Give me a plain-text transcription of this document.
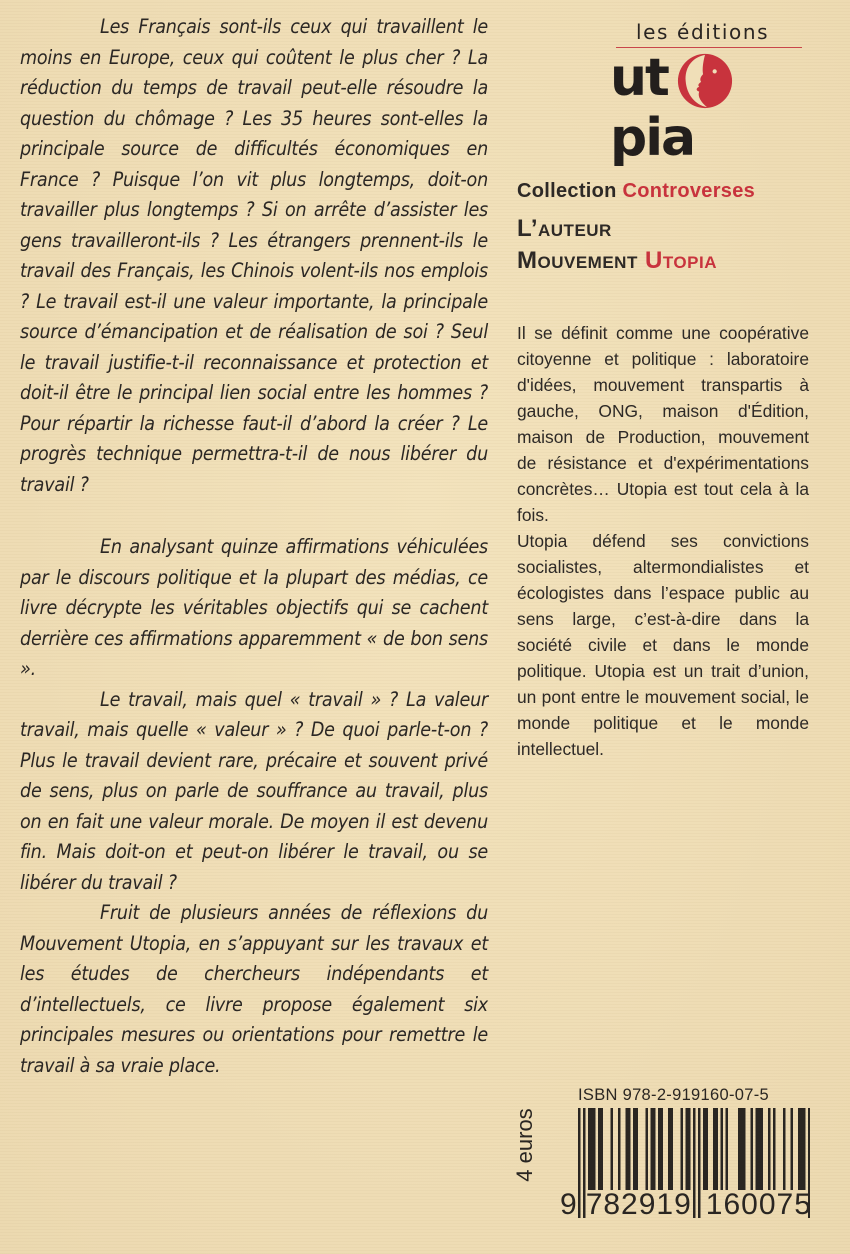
Les Français sont-ils ceux qui travaillent le moins en Europe, ceux qui coûtent le plus cher ? La réduction du temps de travail peut-elle résoudre la question du chômage ? Les 35 heures sont-elles la principale source de difficultés économiques en France ? Puisque l’on vit plus longtemps, doit-on travailler plus longtemps ? Si on arrête d’assister les gens travailleront-ils ? Les étrangers prennent-ils le travail des Français, les Chinois volent-ils nos emplois ? Le travail est-il une valeur importante, la principale source d’émancipation et de réalisation de soi ? Seul le travail justifie-t-il reconnaissance et protection et doit-il être le principal lien social entre les hommes ? Pour répartir la richesse faut-il d’abord la créer ? Le progrès technique permettra-t-il de nous libérer du travail ?

En analysant quinze affirmations véhiculées par le discours politique et la plupart des médias, ce livre décrypte les véritables objectifs qui se cachent derrière ces affirmations apparemment « de bon sens ».

Le travail, mais quel « travail » ? La valeur travail, mais quelle « valeur » ? De quoi parle-t-on ? Plus le travail devient rare, précaire et souvent privé de sens, plus on parle de souffrance au travail, plus on en fait une valeur morale. De moyen il est devenu fin. Mais doit-on et peut-on libérer le travail, ou se libérer du travail ?

Fruit de plusieurs années de réflexions du Mouvement Utopia, en s’appuyant sur les travaux et les études de chercheurs indépendants et d’intellectuels, ce livre propose également six principales mesures ou orientations pour remettre le travail à sa vraie place.

les éditions
utpia
Collection Controverses
L’auteur
Mouvement Utopia

Il se définit comme une coopérative citoyenne et politique : laboratoire d'idées, mouvement transpartis à gauche, ONG, maison d'Édition, maison de Production, mouvement de résistance et d'expérimentations concrètes… Utopia est tout cela à la fois.

Utopia défend ses convictions socialistes, altermondialistes et écologistes dans l’espace public au sens large, c’est-à-dire dans la société civile et dans le monde politique. Utopia est un trait d’union, un pont entre le mouvement social, le monde politique et le monde intellectuel.

4 euros
ISBN 978-2-919160-07-5
9 782919 160075
